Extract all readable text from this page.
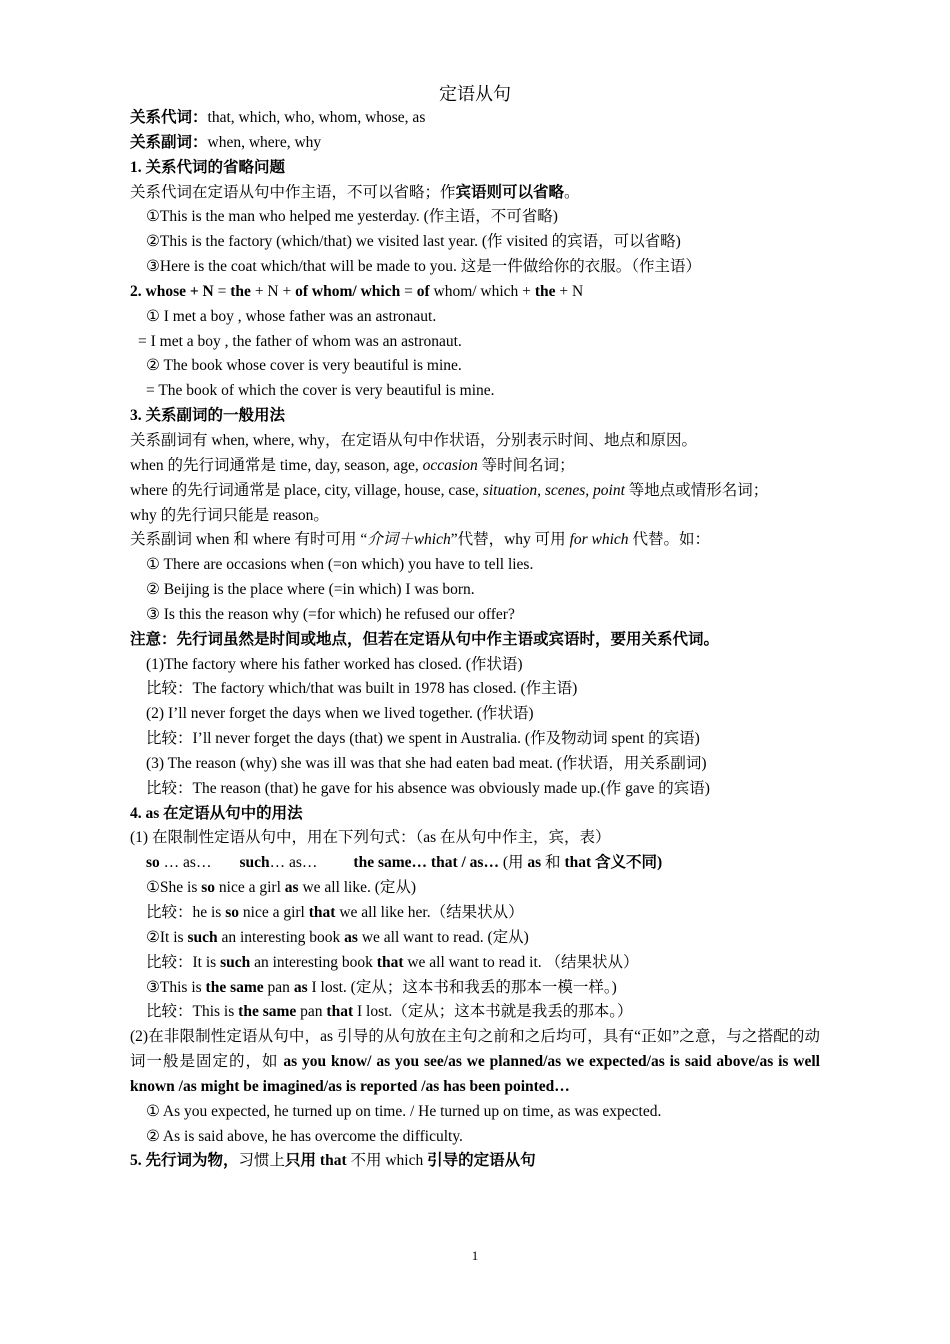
定语从句
关系代词：that, which, who, whom, whose, as
关系副词：when, where, why
1. 关系代词的省略问题
关系代词在定语从句中作主语，不可以省略；作宾语则可以省略。
①This is the man who helped me yesterday. (作主语，不可省略)
②This is the factory (which/that) we visited last year. (作 visited 的宾语，可以省略)
③Here is the coat which/that will be made to you. 这是一件做给你的衣服。（作主语）
2. whose + N = the + N + of whom/ which = of whom/ which + the + N
① I met a boy , whose father was an astronaut.
= I met a boy , the father of whom was an astronaut.
② The book whose cover is very beautiful is mine.
= The book of which the cover is very beautiful is mine.
3. 关系副词的一般用法
关系副词有 when, where, why，在定语从句中作状语，分别表示时间、地点和原因。
when 的先行词通常是 time, day, season, age, occasion 等时间名词；
where 的先行词通常是 place, city, village, house, case, situation, scenes, point 等地点或情形名词；
why 的先行词只能是 reason。
关系副词 when 和 where 有时可用 “介词＋which”代替，why 可用 for which 代替。如：
① There are occasions when (=on which) you have to tell lies.
② Beijing is the place where (=in which) I was born.
③ Is this the reason why (=for which) he refused our offer?
注意：先行词虽然是时间或地点，但若在定语从句中作主语或宾语时，要用关系代词。
(1)The factory where his father worked has closed. (作状语)
比较：The factory which/that was built in 1978 has closed. (作主语)
(2) I’ll never forget the days when we lived together. (作状语)
比较：I’ll never forget the days (that) we spent in Australia. (作及物动词 spent 的宾语)
(3) The reason (why) she was ill was that she had eaten bad meat. (作状语，用关系副词)
比较：The reason (that) he gave for his absence was obviously made up.(作 gave 的宾语)
4. as 在定语从句中的用法
(1) 在限制性定语从句中，用在下列句式：（as 在从句中作主，宾，表）
so … as… such… as… the same… that / as… (用 as 和 that 含义不同)
①She is so nice a girl as we all like. (定从)
比较：he is so nice a girl that we all like her.（结果状从）
②It is such an interesting book as we all want to read. (定从)
比较：It is such an interesting book that we all want to read it. （结果状从）
③This is the same pan as I lost. (定从；这本书和我丢的那本一模一样。)
比较：This is the same pan that I lost.（定从；这本书就是我丢的那本。）
(2)在非限制性定语从句中，as 引导的从句放在主句之前和之后均可，具有“正如”之意，与之搭配的动词一般是固定的，如 as you know/ as you see/as we planned/as we expected/as is said above/as is well known /as might be imagined/as is reported /as has been pointed…
① As you expected, he turned up on time. / He turned up on time, as was expected.
② As is said above, he has overcome the difficulty.
5. 先行词为物，习惯上只用 that 不用 which 引导的定语从句
1
